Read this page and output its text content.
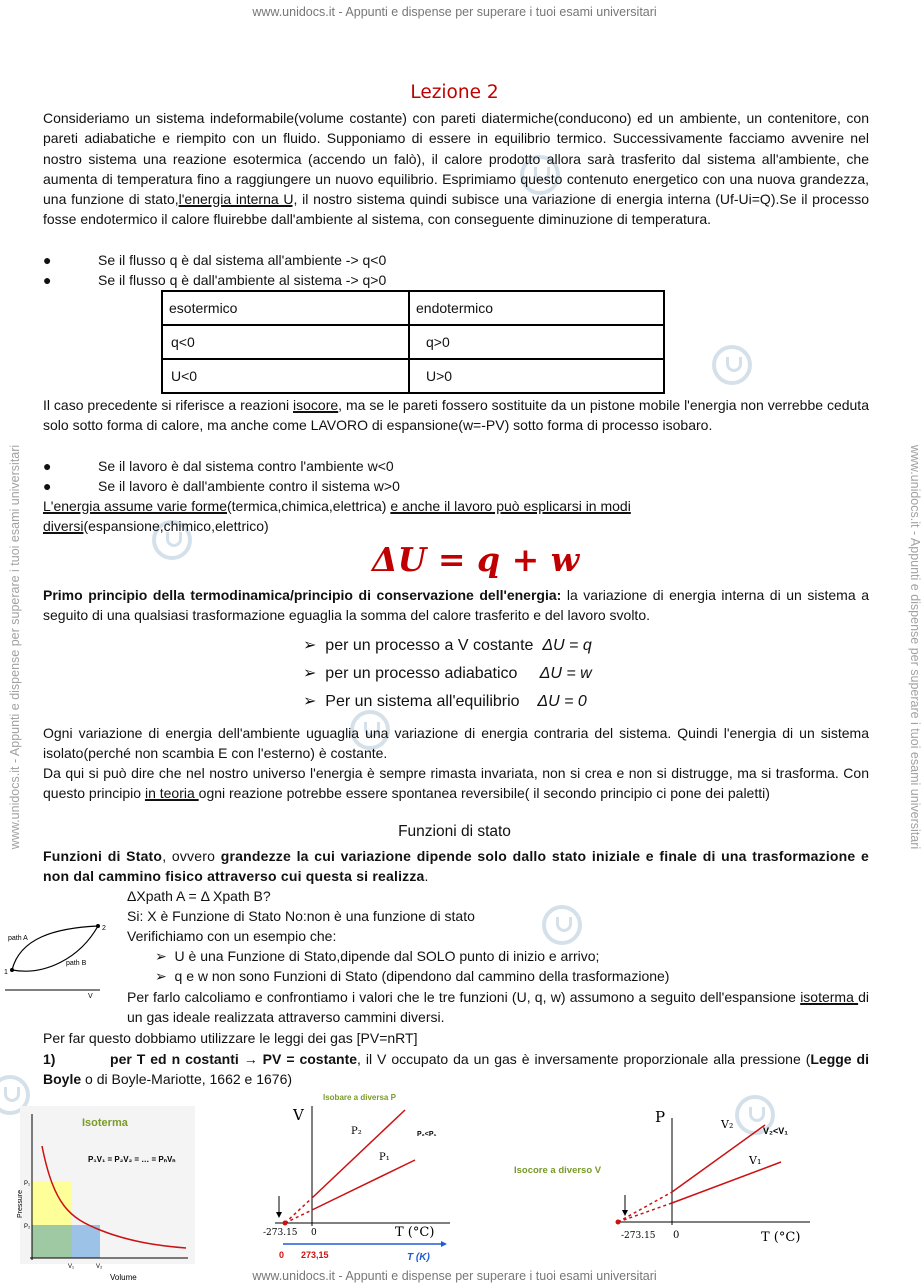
www.unidocs.it - Appunti e dispense per superare i tuoi esami universitari
www.unidocs.it - Appunti e dispense per superare i tuoi esami universitari
www.unidocs.it - Appunti e dispense per superare i tuoi esami universitari	www.unidocs.it - Appunti e dispense per superare i tuoi esami universitari
Lezione 2
Consideriamo un sistema indeformabile(volume costante) con pareti diatermiche(conducono) ed un ambiente, un contenitore, con pareti adiabatiche e riempito con un fluido. Supponiamo di essere in equilibrio termico. Successivamente facciamo avvenire nel nostro sistema una reazione esotermica (accendo un falò), il calore prodotto allora sarà trasferito dal sistema all'ambiente, che aumenta di temperatura fino a raggiungere un nuovo equilibrio. Esprimiamo questo contenuto energetico con una nuova grandezza, una funzione di stato,l'energia interna U, il nostro sistema quindi subisce una variazione di energia interna (Uf-Ui=Q).Se il processo fosse endotermico il calore fluirebbe dall'ambiente al sistema, con conseguente diminuzione di temperatura.
●	Se il flusso q è dal sistema all'ambiente -> q<0
●	Se il flusso q è dall'ambiente al sistema -> q>0
esotermico	endotermico
q<0	q>0
U<0	U>0
Il caso precedente si riferisce a reazioni isocore, ma se le pareti fossero sostituite da un pistone mobile l'energia non verrebbe ceduta solo sotto forma di calore, ma anche come LAVORO di espansione(w=-PV) sotto forma di processo isobaro.
●	Se il lavoro è dal sistema contro l'ambiente w<0
●	Se il lavoro è dall'ambiente contro il sistema w>0
L'energia assume varie forme(termica,chimica,elettrica) e anche il lavoro può esplicarsi in modi diversi(espansione,chimico,elettrico)
ΔU = q + w
Primo principio della termodinamica/principio di conservazione dell'energia: la variazione di energia interna di un sistema a seguito di una qualsiasi trasformazione eguaglia la somma del calore trasferito e del lavoro svolto.
➢ per un processo a V costante ΔU = q
➢ per un processo adiabatico ΔU = w
➢ Per un sistema all'equilibrio ΔU = 0
Ogni variazione di energia dell'ambiente uguaglia una variazione di energia contraria del sistema. Quindi l'energia di un sistema isolato(perché non scambia E con l'esterno) è costante.
Da qui si può dire che nel nostro universo l'energia è sempre rimasta invariata, non si crea e non si distrugge, ma si trasforma. Con questo principio in teoria ogni reazione potrebbe essere spontanea reversibile( il secondo principio ci pone dei paletti)
Funzioni di stato
Funzioni di Stato, ovvero grandezze la cui variazione dipende solo dallo stato iniziale e finale di una trasformazione e non dal cammino fisico attraverso cui questa si realizza.
ΔXpath A = Δ Xpath B?
Si: X è Funzione di Stato No:non è una funzione di stato
Verifichiamo con un esempio che:
➢ U è una Funzione di Stato,dipende dal SOLO punto di inizio e arrivo;
➢ q e w non sono Funzioni di Stato (dipendono dal cammino della trasformazione)
Per farlo calcoliamo e confrontiamo i valori che le tre funzioni (U, q, w) assumono a seguito dell'espansione isoterma di un gas ideale realizzata attraverso cammini diversi.
Per far questo dobbiamo utilizzare le leggi dei gas [PV=nRT]
1)	per T ed n costanti → PV = costante, il V occupato da un gas è inversamente proporzionale alla pressione (Legge di Boyle o di Boyle-Mariotte, 1662 e 1676)
path A
path B
1
2
V
Isoterma
P₁V₁ = P₂V₂ = … = PₙVₙ
Pressure
Volume
P₁
P₂
V₁	V₂
Isobare a diversa P
V
P₂
P₁
P₂<P₁
-273.15 0	T (°C)
0 273,15	T (K)
Isocore a diverso V
P	V₂
V₁
V₂<V₁
-273.15 0	T (°C)
